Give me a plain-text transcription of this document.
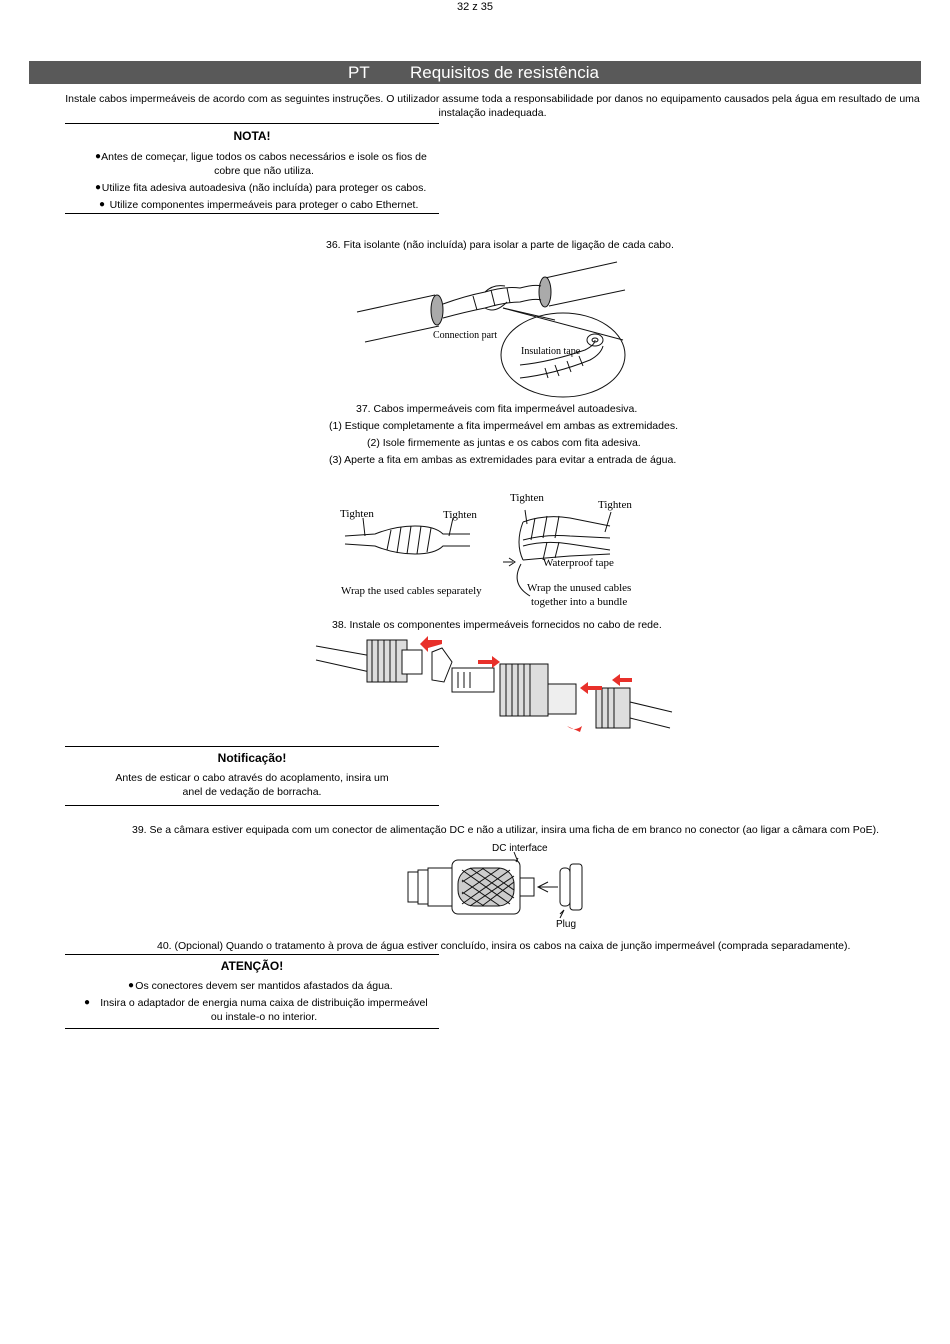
32 z 35
PT Requisitos de resistência
Instale cabos impermeáveis de acordo com as seguintes instruções. O utilizador assume toda a responsabilidade por danos no equipamento causados pela água em resultado de uma instalação inadequada.
NOTA!
● Antes de começar, ligue todos os cabos necessários e isole os fios de cobre que não utiliza.
● Utilize fita adesiva autoadesiva (não incluída) para proteger os cabos.
● Utilize componentes impermeáveis para proteger o cabo Ethernet.
36. Fita isolante (não incluída) para isolar a parte de ligação de cada cabo.
Connection part
Insulation tape
37. Cabos impermeáveis com fita impermeável autoadesiva.
(1) Estique completamente a fita impermeável em ambas as extremidades.
(2) Isole firmemente as juntas e os cabos com fita adesiva.
(3) Aperte a fita em ambas as extremidades para evitar a entrada de água.
Tighten	Tighten
Tighten
Tighten
Waterproof tape
Wrap the used cables separately	Wrap the unused cables
together into a bundle
38. Instale os componentes impermeáveis fornecidos no cabo de rede.
Notificação!
Antes de esticar o cabo através do acoplamento, insira um anel de vedação de borracha.
39. Se a câmara estiver equipada com um conector de alimentação DC e não a utilizar, insira uma ficha de em branco no conector (ao ligar a câmara com PoE).
DC interface
Plug
40. (Opcional) Quando o tratamento à prova de água estiver concluído, insira os cabos na caixa de junção impermeável (comprada separadamente).
ATENÇÃO!
● Os conectores devem ser mantidos afastados da água.
● Insira o adaptador de energia numa caixa de distribuição impermeável ou instale-o no interior.
